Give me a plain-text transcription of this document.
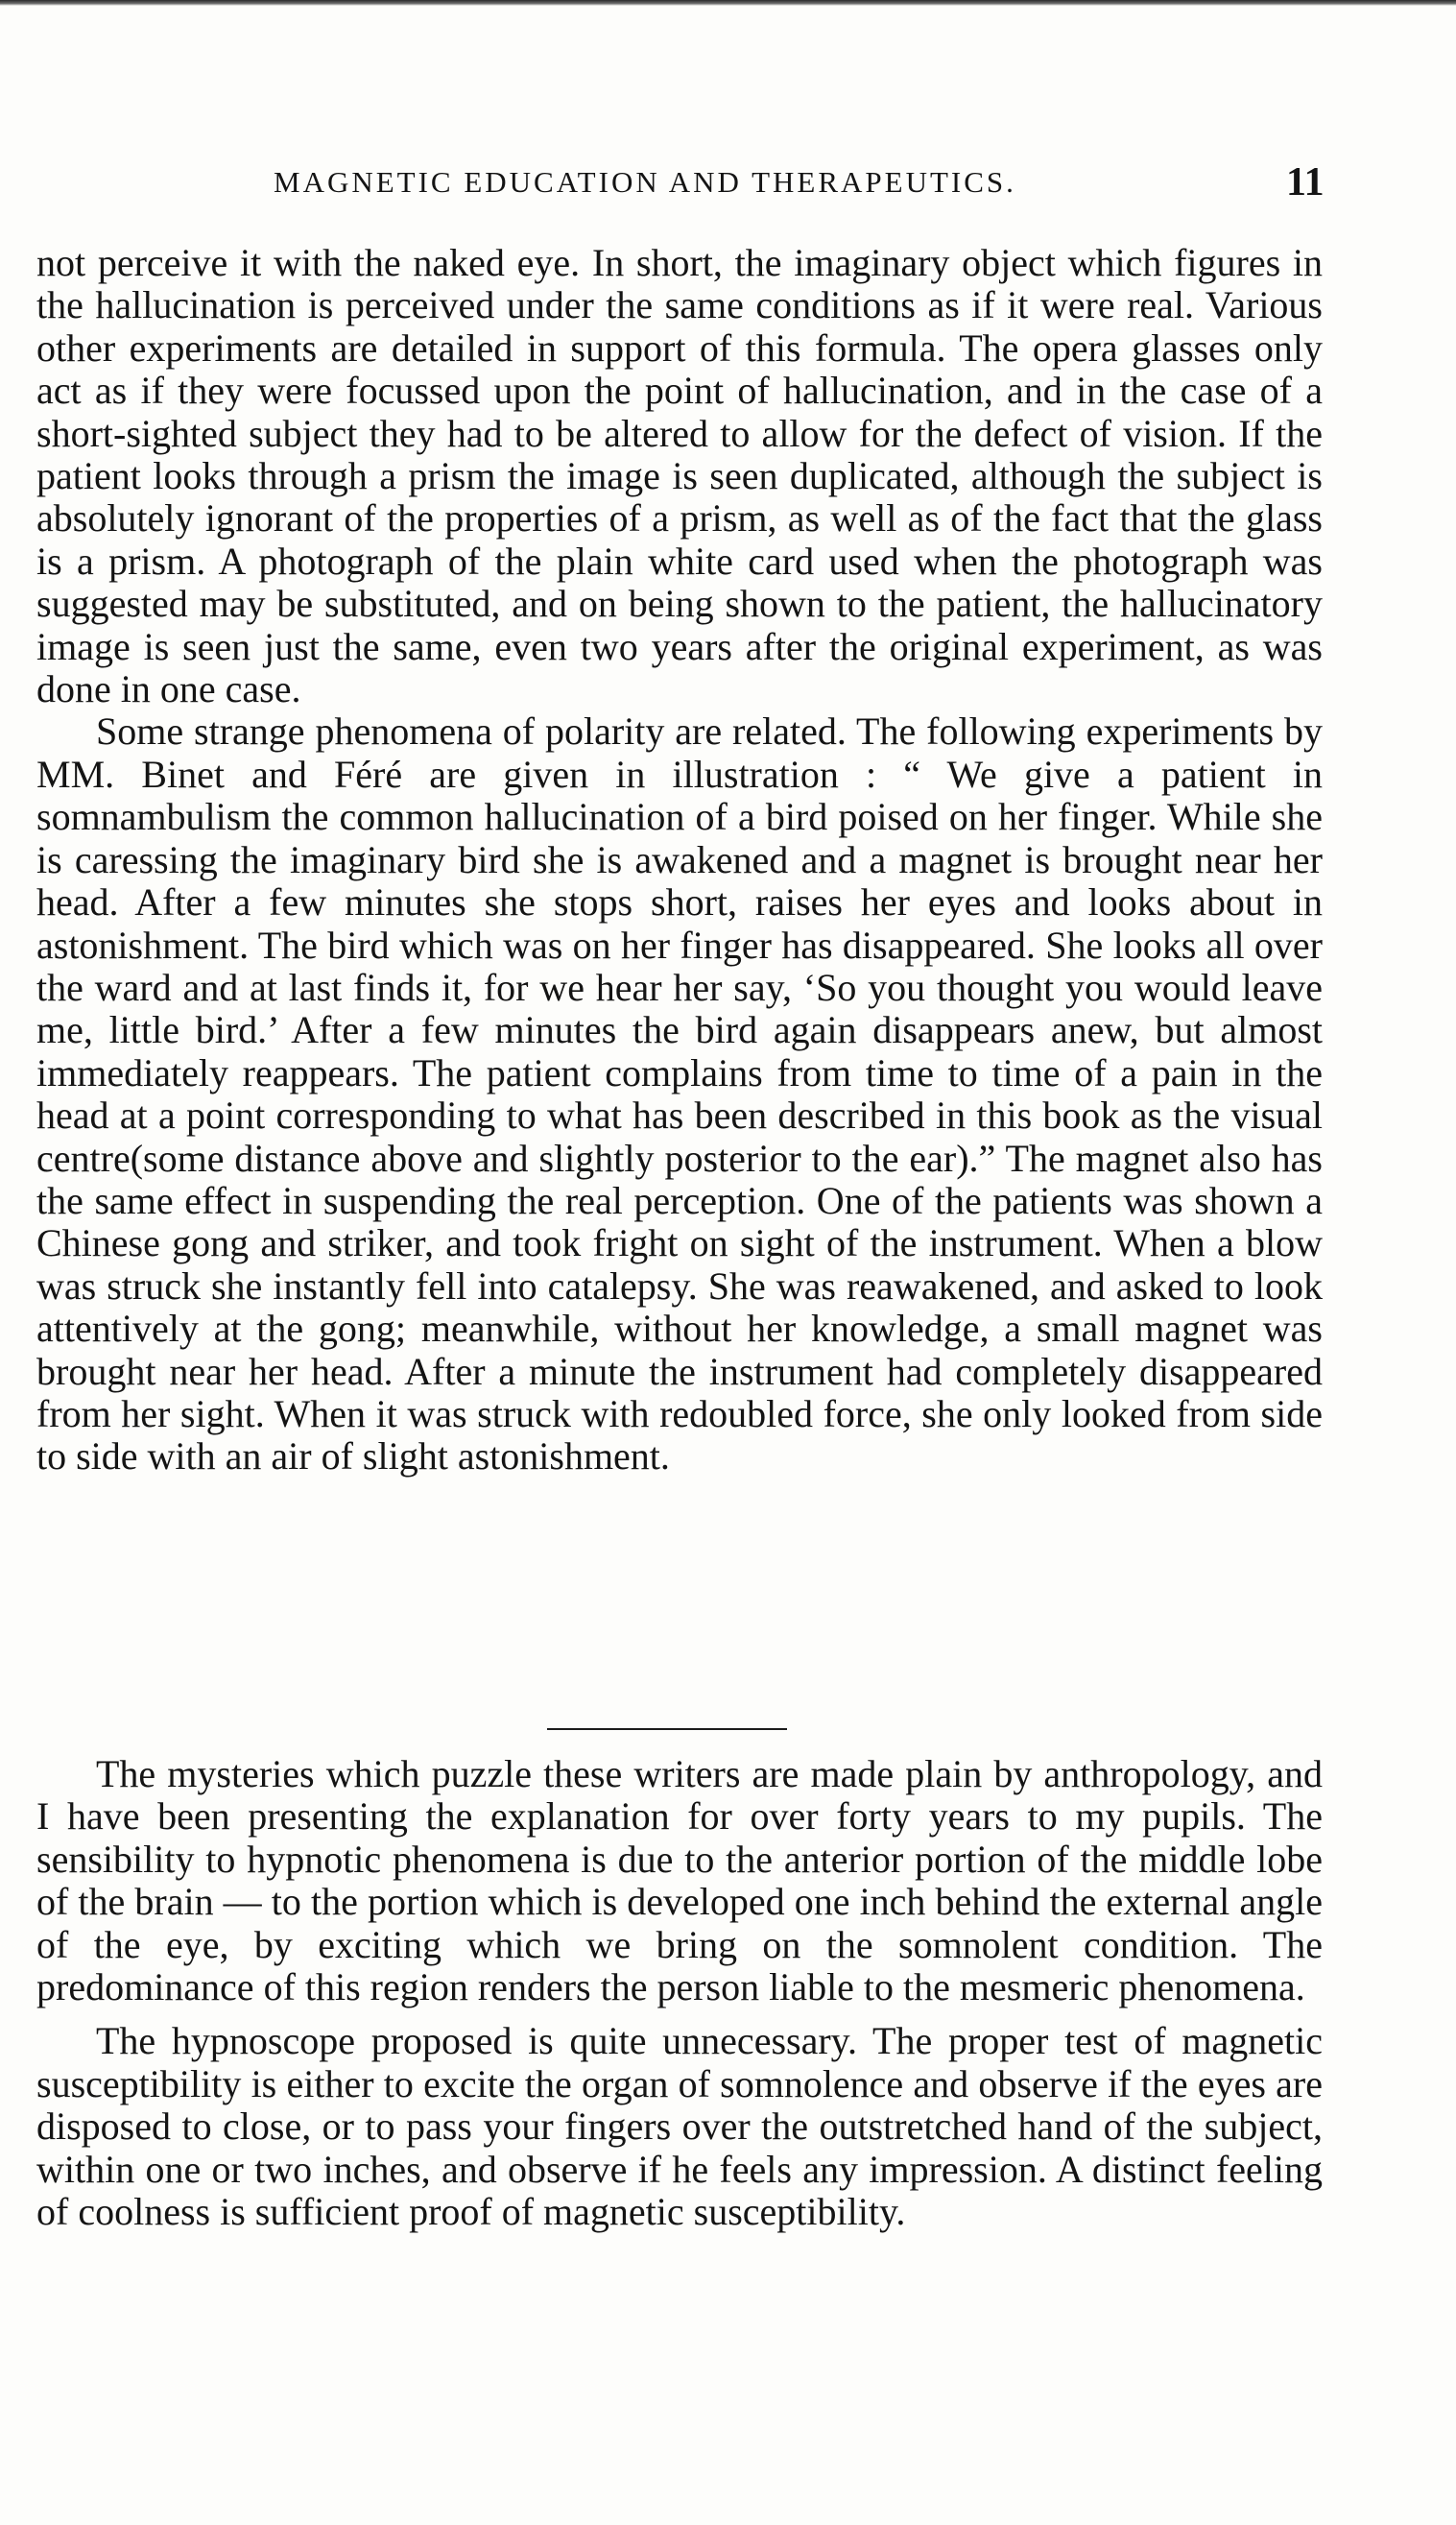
MAGNETIC EDUCATION AND THERAPEUTICS.	11

not perceive it with the naked eye. In short, the imaginary object which figures in the hallucination is perceived under the same conditions as if it were real. Various other experiments are detailed in support of this formula. The opera glasses only act as if they were focussed upon the point of hallucination, and in the case of a short-sighted subject they had to be altered to allow for the defect of vision. If the patient looks through a prism the image is seen duplicated, although the subject is absolutely ignorant of the properties of a prism, as well as of the fact that the glass is a prism. A photograph of the plain white card used when the photograph was suggested may be substituted, and on being shown to the patient, the hallucinatory image is seen just the same, even two years after the original experiment, as was done in one case.

Some strange phenomena of polarity are related. The following experiments by MM. Binet and Féré are given in illustration : “ We give a patient in somnambulism the common hallucination of a bird poised on her finger. While she is caressing the imaginary bird she is awakened and a magnet is brought near her head. After a few minutes she stops short, raises her eyes and looks about in astonishment. The bird which was on her finger has disappeared. She looks all over the ward and at last finds it, for we hear her say, ‘So you thought you would leave me, little bird.’ After a few minutes the bird again disappears anew, but almost immediately reappears. The patient complains from time to time of a pain in the head at a point corresponding to what has been described in this book as the visual centre(some distance above and slightly posterior to the ear).” The magnet also has the same effect in suspending the real perception. One of the patients was shown a Chinese gong and striker, and took fright on sight of the instrument. When a blow was struck she instantly fell into catalepsy. She was reawakened, and asked to look attentively at the gong; meanwhile, without her knowledge, a small magnet was brought near her head. After a minute the instrument had completely disappeared from her sight. When it was struck with redoubled force, she only looked from side to side with an air of slight astonishment.

The mysteries which puzzle these writers are made plain by anthropology, and I have been presenting the explanation for over forty years to my pupils. The sensibility to hypnotic phenomena is due to the anterior portion of the middle lobe of the brain — to the portion which is developed one inch behind the external angle of the eye, by exciting which we bring on the somnolent condition. The predominance of this region renders the person liable to the mesmeric phenomena.

The hypnoscope proposed is quite unnecessary. The proper test of magnetic susceptibility is either to excite the organ of somnolence and observe if the eyes are disposed to close, or to pass your fingers over the outstretched hand of the subject, within one or two inches, and observe if he feels any impression. A distinct feeling of coolness is sufficient proof of magnetic susceptibility.
